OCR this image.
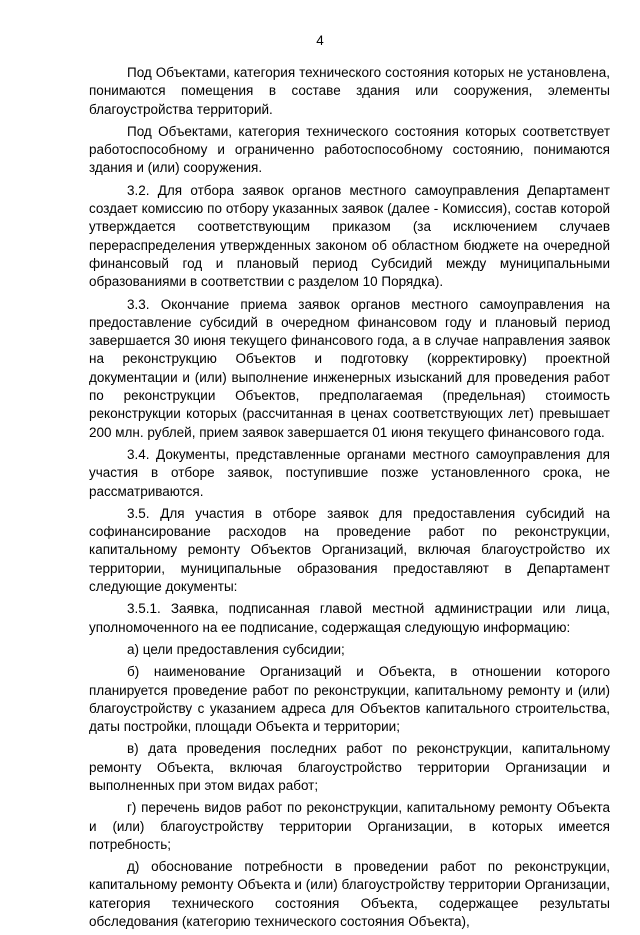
4

Под Объектами, категория технического состояния которых не установлена, понимаются помещения в составе здания или сооружения, элементы благоустройства территорий.

Под Объектами, категория технического состояния которых соответствует работоспособному и ограниченно работоспособному состоянию, понимаются здания и (или) сооружения.

3.2. Для отбора заявок органов местного самоуправления Департамент создает комиссию по отбору указанных заявок (далее - Комиссия), состав которой утверждается соответствующим приказом (за исключением случаев перераспределения утвержденных законом об областном бюджете на очередной финансовый год и плановый период Субсидий между муниципальными образованиями в соответствии с разделом 10 Порядка).

3.3. Окончание приема заявок органов местного самоуправления на предоставление субсидий в очередном финансовом году и плановый период завершается 30 июня текущего финансового года, а в случае направления заявок на реконструкцию Объектов и подготовку (корректировку) проектной документации и (или) выполнение инженерных изысканий для проведения работ по реконструкции Объектов, предполагаемая (предельная) стоимость реконструкции которых (рассчитанная в ценах соответствующих лет) превышает 200 млн. рублей, прием заявок завершается 01 июня текущего финансового года.

3.4. Документы, представленные органами местного самоуправления для участия в отборе заявок, поступившие позже установленного срока, не рассматриваются.

3.5. Для участия в отборе заявок для предоставления субсидий на софинансирование расходов на проведение работ по реконструкции, капитальному ремонту Объектов Организаций, включая благоустройство их территории, муниципальные образования предоставляют в Департамент следующие документы:

3.5.1. Заявка, подписанная главой местной администрации или лица, уполномоченного на ее подписание, содержащая следующую информацию:

а) цели предоставления субсидии;

б) наименование Организаций и Объекта, в отношении которого планируется проведение работ по реконструкции, капитальному ремонту и (или) благоустройству с указанием адреса для Объектов капитального строительства, даты постройки, площади Объекта и территории;

в) дата проведения последних работ по реконструкции, капитальному ремонту Объекта, включая благоустройство территории Организации и выполненных при этом видах работ;

г) перечень видов работ по реконструкции, капитальному ремонту Объекта и (или) благоустройству территории Организации, в которых имеется потребность;

д) обоснование потребности в проведении работ по реконструкции, капитальному ремонту Объекта и (или) благоустройству территории Организации, категория технического состояния Объекта, содержащее результаты обследования (категорию технического состояния Объекта),
